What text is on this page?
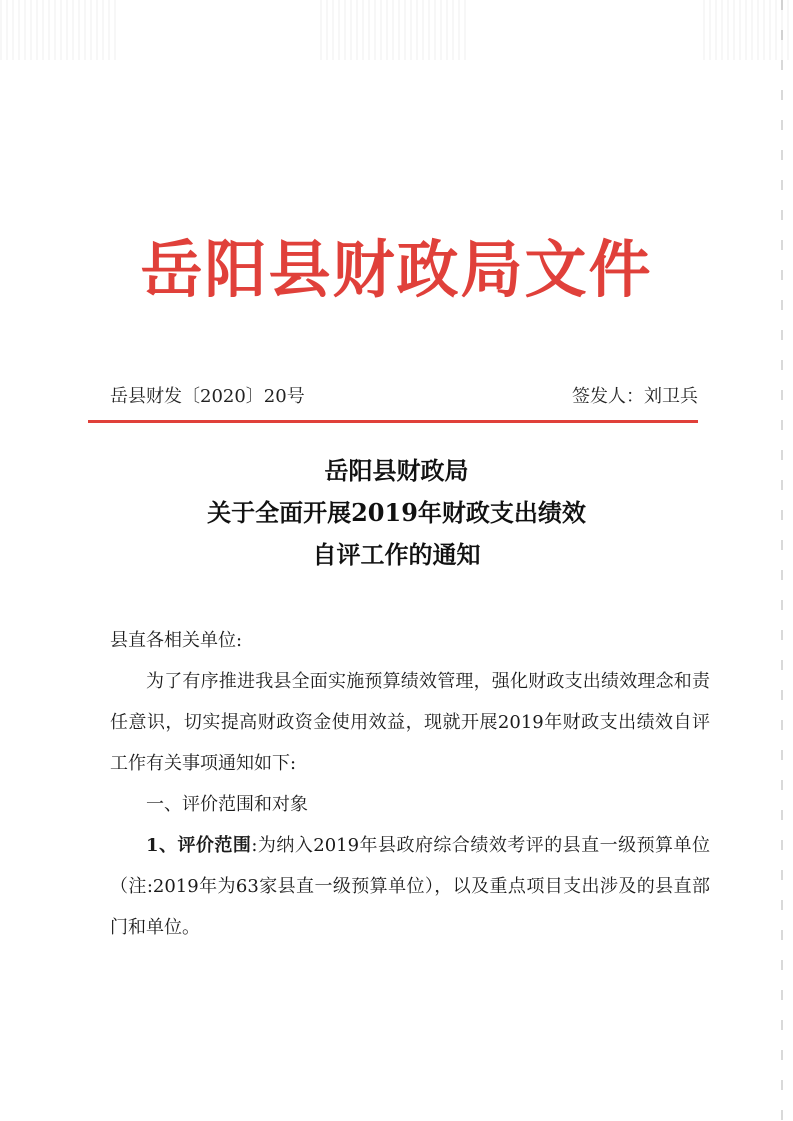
岳阳县财政局文件
岳县财发〔2020〕20号	签发人：刘卫兵
岳阳县财政局
关于全面开展2019年财政支出绩效
自评工作的通知

县直各相关单位:

为了有序推进我县全面实施预算绩效管理，强化财政支出绩效理念和责任意识，切实提高财政资金使用效益，现就开展2019年财政支出绩效自评工作有关事项通知如下:

一、评价范围和对象

1、评价范围:为纳入2019年县政府综合绩效考评的县直一级预算单位（注:2019年为63家县直一级预算单位），以及重点项目支出涉及的县直部门和单位。
